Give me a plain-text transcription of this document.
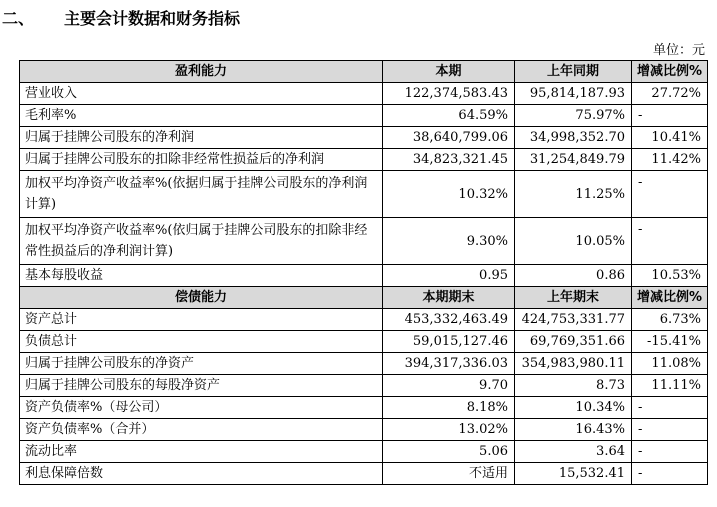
二、 主要会计数据和财务指标
单位：元
盈利能力	本期	上年同期	增减比例%
营业收入	122,374,583.43	95,814,187.93	27.72%
毛利率%	64.59%	75.97%	-
归属于挂牌公司股东的净利润	38,640,799.06	34,998,352.70	10.41%
归属于挂牌公司股东的扣除非经常性损益后的净利润	34,823,321.45	31,254,849.79	11.42%
加权平均净资产收益率%(依据归属于挂牌公司股东的净利润计算)	10.32%	11.25%	-
加权平均净资产收益率%(依归属于挂牌公司股东的扣除非经常性损益后的净利润计算)	9.30%	10.05%	-
基本每股收益	0.95	0.86	10.53%
偿债能力	本期期末	上年期末	增减比例%
资产总计	453,332,463.49	424,753,331.77	6.73%
负债总计	59,015,127.46	69,769,351.66	-15.41%
归属于挂牌公司股东的净资产	394,317,336.03	354,983,980.11	11.08%
归属于挂牌公司股东的每股净资产	9.70	8.73	11.11%
资产负债率%（母公司）	8.18%	10.34%	-
资产负债率%（合并）	13.02%	16.43%	-
流动比率	5.06	3.64	-
利息保障倍数	不适用	15,532.41	-
